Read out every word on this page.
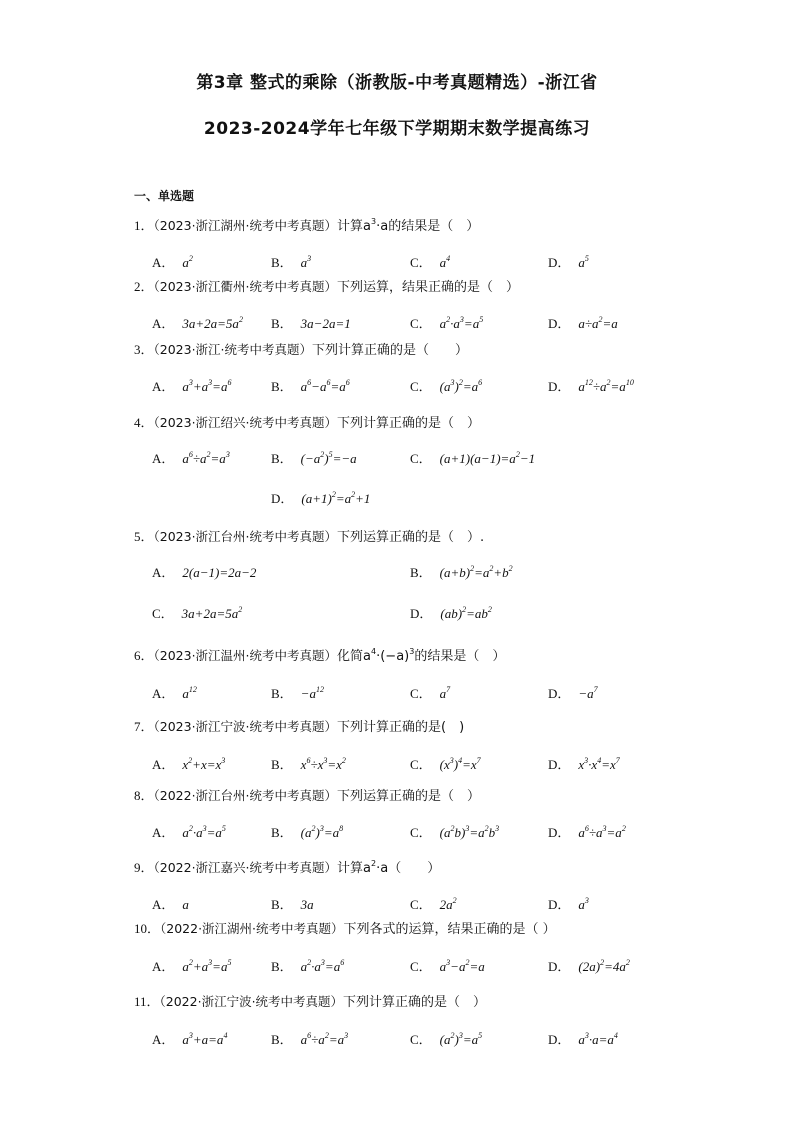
第3章 整式的乘除（浙教版-中考真题精选）-浙江省
2023-2024学年七年级下学期期末数学提高练习
一、单选题
1．（2023·浙江湖州·统考中考真题）计算$a^3\cdot a$的结果是（　）
A． $a^2$	B． $a^3$	C． $a^4$	D． $a^5$
2．（2023·浙江衢州·统考中考真题）下列运算，结果正确的是（　）
A． $3a+2a=5a^2$ B． 3a−2a=1	C． $a^2\cdot a^3=a^5$	D． $a\div a^2=a$
3．（2023·浙江·统考中考真题）下列计算正确的是（　　）
A． $a^3+a^3=a^6$	B． $a^6-a^6=a^6$	C． $(a^3)^2=a^6$	D． $a^{12}\div a^2=a^{10}$
4．（2023·浙江绍兴·统考中考真题）下列计算正确的是（　）
A． $a^6\div a^2=a^3$	B． $(-a^2)^5=-a$	C． $(a+1)(a-1)=a^2-1$
D． $(a+1)^2=a^2+1$
5．（2023·浙江台州·统考中考真题）下列运算正确的是（　）.
A． 2(a−1)=2a−2	B． $(a+b)^2=a^2+b^2$
C． $3a+2a=5a^2$	D． $(ab)^2=ab^2$
6．（2023·浙江温州·统考中考真题）化简$a^4\cdot(-a)^3$的结果是（　）
A． $a^{12}$	B． $-a^{12}$	C． $a^7$	D． $-a^7$
7．（2023·浙江宁波·统考中考真题）下列计算正确的是(　)
A． $x^2+x=x^3$	B． $x^6\div x^3=x^2$	C． $(x^3)^4=x^7$	D． $x^3\cdot x^4=x^7$
8．（2022·浙江台州·统考中考真题）下列运算正确的是（　）
A． $a^2\cdot a^3=a^5$	B． $(a^2)^3=a^8$	C． $(a^2b)^3=a^2b^3$	D． $a^6\div a^3=a^2$
9．（2022·浙江嘉兴·统考中考真题）计算$a^2\cdot a$（　　）
A． a	B． 3a	C． $2a^2$	D． $a^3$
10．（2022·浙江湖州·统考中考真题）下列各式的运算，结果正确的是（ ）
A． $a^2+a^3=a^5$	B． $a^2\cdot a^3=a^6$	C． $a^3-a^2=a$	D． $(2a)^2=4a^2$
11．（2022·浙江宁波·统考中考真题）下列计算正确的是（　）
A． $a^3+a=a^4$	B． $a^6\div a^2=a^3$	C． $(a^2)^3=a^5$	D． $a^3\cdot a=a^4$
